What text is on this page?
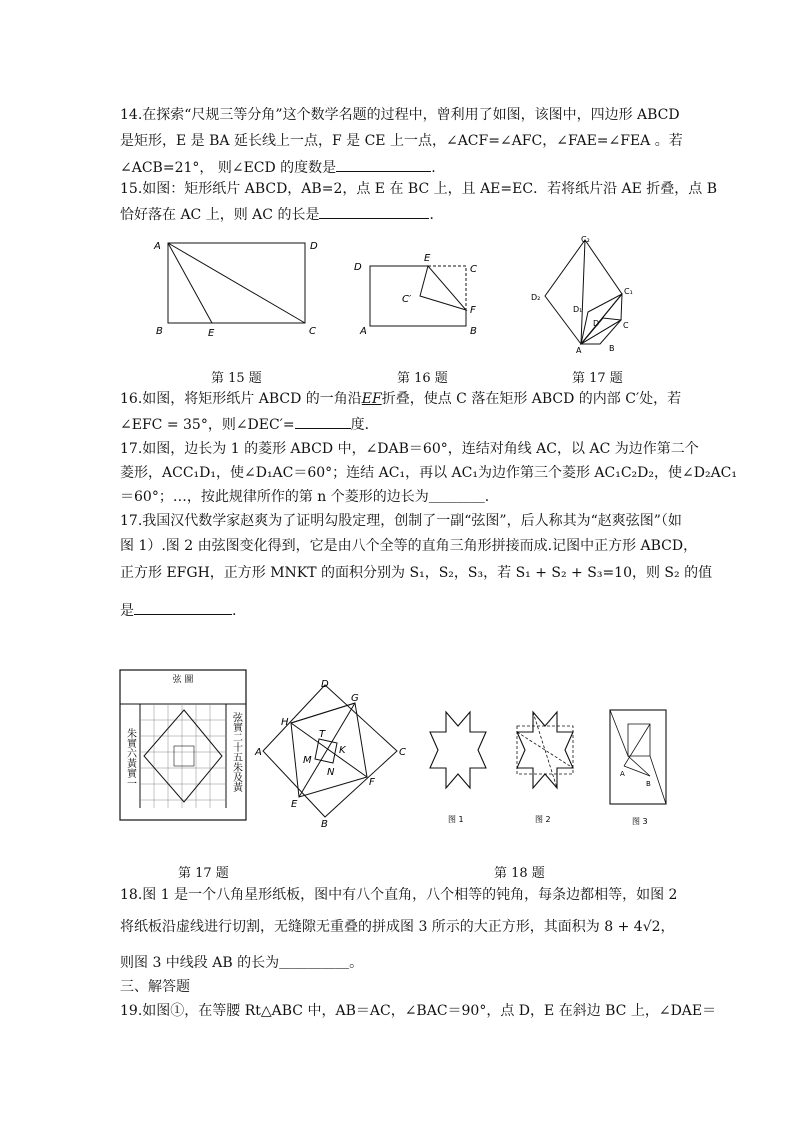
14.在探索“尺规三等分角”这个数学名题的过程中，曾利用了如图，该图中，四边形 ABCD
是矩形，E 是 BA 延长线上一点，F 是 CE 上一点，∠ACF=∠AFC，∠FAE=∠FEA 。若
∠ACB=21°， 则∠ECD 的度数是	.
15.如图：矩形纸片 ABCD，AB=2，点 E 在 BC 上，且 AE=EC．若将纸片沿 AE 折叠，点 B
恰好落在 AC 上，则 AC 的长是	．
A	D
B	E	C
D
E
C
C′
F
A	B
C₂
C₁
D₂
D₁
D	C
A	B
第 15 题	第 16 题	第 17 题
16.如图，将矩形纸片 ABCD 的一角沿EF折叠，使点 C 落在矩形 ABCD 的内部 C′处，若
∠EFC = 35°，则∠DEC′=	度．
17.如图，边长为 1 的菱形 ABCD 中，∠DAB＝60°，连结对角线 AC，以 AC 为边作第二个
菱形，ACC₁D₁，使∠D₁AC＝60°；连结 AC₁，再以 AC₁为边作第三个菱形 AC₁C₂D₂，使∠D₂AC₁
＝60°；…，按此规律所作的第 n 个菱形的边长为＿＿＿＿.
17.我国汉代数学家赵爽为了证明勾股定理，创制了一副“弦图”，后人称其为“赵爽弦图”（如
图 1）.图 2 由弦图变化得到，它是由八个全等的直角三角形拼接而成.记图中正方形 ABCD，
正方形 EFGH，正方形 MNKT 的面积分别为 S₁，S₂，S₃，若 S₁ + S₂ + S₃=10，则 S₂ 的值
是	.
弦 圖
朱實六黃實一	弦實二十五朱及黃
D
H
G
A	C
T
K
M
N
F
E
B	图 1	图 2
A
B
图 3
第 17 题	第 18 题
18.图 1 是一个八角星形纸板，图中有八个直角，八个相等的钝角，每条边都相等，如图 2
将纸板沿虚线进行切割，无缝隙无重叠的拼成图 3 所示的大正方形，其面积为 8 + 4√2，
则图 3 中线段 AB 的长为＿＿＿＿＿。
三、解答题
19.如图①，在等腰 Rt△ABC 中，AB＝AC，∠BAC＝90°，点 D，E 在斜边 BC 上，∠DAE＝
